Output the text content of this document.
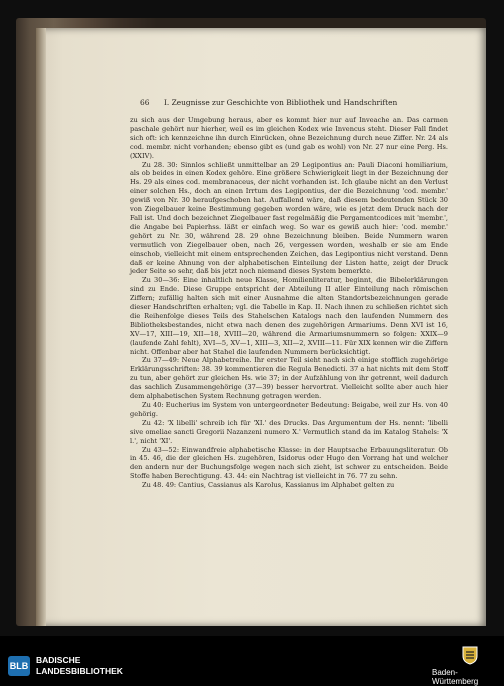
66 I. Zeugnisse zur Geschichte von Bibliothek und Handschriften

zu sich aus der Umgebung heraus, aber es kommt hier nur auf Inveache an. Das carmen paschale gehört nur hierher, weil es im gleichen Kodex wie Invencus steht. Dieser Fall findet sich oft: ich kennzeichne ihn durch Einrücken, ohne Bezeichnung durch neue Ziffer. Nr. 24 als cod. membr. nicht vorhanden; ebenso gibt es (und gab es wohl) von Nr. 27 nur eine Perg. Hs. (XXIV).

Zu 28. 30: Sinnlos schließt unmittelbar an 29 Legipontius an: Pauli Diaconi homiliarium, als ob beides in einen Kodex gehöre. Eine größere Schwierigkeit liegt in der Bezeichnung der Hs. 29 als eines cod. membranaceus, der nicht vorhanden ist. Ich glaube nicht an den Verlust einer solchen Hs., doch an einen Irrtum des Legipontius, der die Bezeichnung 'cod. membr.' gewiß von Nr. 30 heraufgeschoben hat. Auffallend wäre, daß diesem bedeutenden Stück 30 von Ziegelbauer keine Bestimmung gegeben worden wäre, wie es jetzt dem Druck nach der Fall ist. Und doch bezeichnet Ziegelbauer fast regelmäßig die Pergamentcodices mit 'membr.', die Angabe bei Papierhss. läßt er einfach weg. So war es gewiß auch hier: 'cod. membr.' gehört zu Nr. 30, während 28. 29 ohne Bezeichnung bleiben. Beide Nummern waren vermutlich von Ziegelbauer oben, nach 26, vergessen worden, weshalb er sie am Ende einschob, vielleicht mit einem entsprechenden Zeichen, das Legipontius nicht verstand. Denn daß er keine Ahnung von der alphabetischen Einteilung der Listen hatte, zeigt der Druck jeder Seite so sehr, daß bis jetzt noch niemand dieses System bemerkte.

Zu 30—36: Eine inhaltlich neue Klasse, Homilienliteratur, beginnt, die Bibelerklärungen sind zu Ende. Diese Gruppe entspricht der Abteilung II aller Einteilung nach römischen Ziffern; zufällig halten sich mit einer Ausnahme die alten Standortsbezeichnungen gerade dieser Handschriften erhalten; vgl. die Tabelle in Kap. II. Nach ihnen zu schließen richtet sich die Reihenfolge dieses Teils des Stahelschen Katalogs nach den laufenden Nummern des Bibliotheksbestandes, nicht etwa nach denen des zugehörigen Armariums. Denn XVI ist 16, XV—17, XIII—19, XII—18, XVIII—20, während die Armariumsnummern so folgen: XXIX—9 (laufende Zahl fehlt), XVI—5, XV—1, XIII—3, XII—2, XVIII—11. Für XIX kennen wir die Ziffern nicht. Offenbar aber hat Stahel die laufenden Nummern berücksichtigt.

Zu 37—49: Neue Alphabetreihe. Ihr erster Teil sieht nach sich einige stofflich zugehörige Erklärungsschriften: 38. 39 kommentieren die Regula Benedicti. 37 a hat nichts mit dem Stoff zu tun, aber gehört zur gleichen Hs. wie 37; in der Aufzählung von ihr getrennt, weil dadurch das sachlich Zusammengehörige (37—39) besser hervortrat. Vielleicht sollte aber auch hier dem alphabetischen System Rechnung getragen werden.

Zu 40: Eucherius im System von untergeordneter Bedeutung: Beigabe, weil zur Hs. von 40 gehörig.

Zu 42: 'X libelli' schreib ich für 'XI.' des Drucks. Das Argumentum der Hs. nennt: 'libelli sive omeliae sancti Gregorii Nazanzeni numero X.' Vermutlich stand da im Katalog Stahels: 'X l.', nicht 'XI'.

Zu 43—52: Einwandfreie alphabetische Klasse: in der Hauptsache Erbauungsliteratur. Ob in 45. 46, die der gleichen Hs. zugehören, Isidorus oder Hugo den Vorrang hat und welcher den andern nur der Buchungsfolge wegen nach sich zieht, ist schwer zu entscheiden. Beide Stoffe haben Berechtigung. 43. 44: ein Nachtrag ist vielleicht in 76. 77 zu sehn.

Zu 48. 49: Cantius, Cassianus als Karolus, Kassianus im Alphabet gelten zu

BLB
BADISCHE
LANDESBIBLIOTHEK	Baden-Württemberg
